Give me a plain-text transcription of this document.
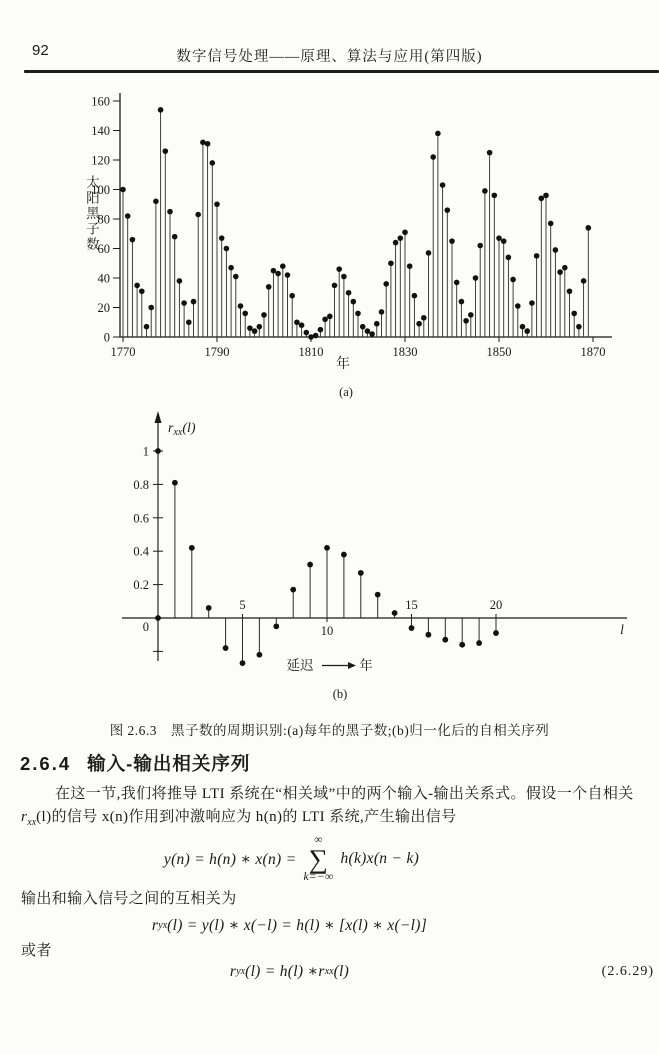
92	数字信号处理——原理、算法与应用(第四版)
0
20
40
60
80
100
120
140
160
1770	1790	1810	1830	1850	1870
年
(a)
太
阳
黑
子
数
0.2
0.4
0.6
0.8
1
0
5
10
15	20
$r_{xx}(l)$
l
延迟	年
(b)
图 2.6.3　黑子数的周期识别:(a)每年的黑子数;(b)归一化后的自相关序列
2.6.4 输入-输出相关序列
在这一节,我们将推导 LTI 系统在“相关域”中的两个输入-输出关系式。假设一个自相关
$r_{xx}(l)$的信号 x(n)作用到冲激响应为 h(n)的 LTI 系统,产生输出信号
y(n) = h(n) ∗ x(n) =
∞
∑
k=−∞
h(k)x(n − k)
输出和输入信号之间的互相关为
r yx (l) = y(l) ∗ x(−l) = h(l) ∗ [x(l) ∗ x(−l)]
或者
r yx (l) = h(l) ∗ r xx (l)	(2.6.29)
